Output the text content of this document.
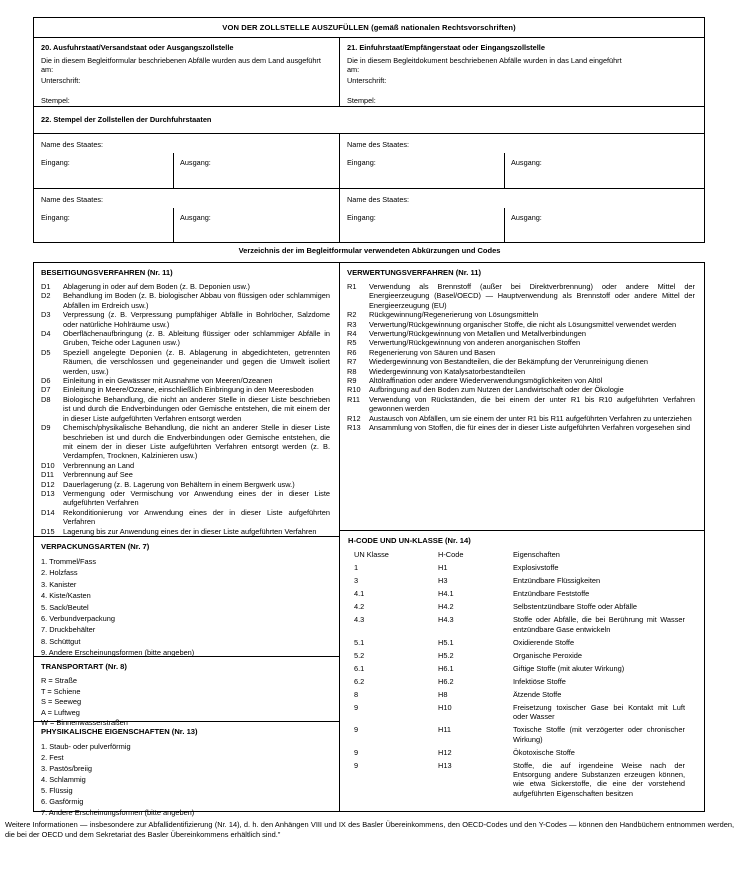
VON DER ZOLLSTELLE AUSZUFÜLLEN (gemäß nationalen Rechtsvorschriften)
20. Ausfuhrstaat/Versandstaat oder Ausgangszollstelle
Die in diesem Begleitformular beschriebenen Abfälle wurden aus dem Land ausgeführt am:
Unterschrift:
Stempel:
21. Einfuhrstaat/Empfängerstaat oder Eingangszollstelle
Die in diesem Begleitdokument beschriebenen Abfälle wurden in das Land eingeführt am:
Unterschrift:
Stempel:
22. Stempel der Zollstellen der Durchfuhrstaaten
Name des Staates:
Eingang:	Ausgang:
Name des Staates:
Eingang:	Ausgang:
Name des Staates:
Eingang:	Ausgang:
Name des Staates:
Eingang:	Ausgang:
Verzeichnis der im Begleitformular verwendeten Abkürzungen und Codes
BESEITIGUNGSVERFAHREN (Nr. 11)
D1	Ablagerung in oder auf dem Boden (z. B. Deponien usw.)
D2	Behandlung im Boden (z. B. biologischer Abbau von flüssigen oder schlammigen Abfällen im Erdreich usw.)
D3	Verpressung (z. B. Verpressung pumpfähiger Abfälle in Bohrlöcher, Salzdome oder natürliche Hohlräume usw.)
D4	Oberflächenaufbringung (z. B. Ableitung flüssiger oder schlammiger Abfälle in Gruben, Teiche oder Lagunen usw.)
D5	Speziell angelegte Deponien (z. B. Ablagerung in abgedichteten, getrennten Räumen, die verschlossen und gegeneinander und gegen die Umwelt isoliert werden, usw.)
D6	Einleitung in ein Gewässer mit Ausnahme von Meeren/Ozeanen
D7	Einleitung in Meere/Ozeane, einschließlich Einbringung in den Meeresboden
D8	Biologische Behandlung, die nicht an anderer Stelle in dieser Liste beschrieben ist und durch die Endverbindungen oder Gemische entstehen, die mit einem der in dieser Liste aufgeführten Verfahren entsorgt werden
D9	Chemisch/physikalische Behandlung, die nicht an anderer Stelle in dieser Liste beschrieben ist und durch die Endverbindungen oder Gemische entstehen, die mit einem der in dieser Liste aufgeführten Verfahren entsorgt werden (z. B. Verdampfen, Trocknen, Kalzinieren usw.)
D10	Verbrennung an Land
D11	Verbrennung auf See
D12	Dauerlagerung (z. B. Lagerung von Behältern in einem Bergwerk usw.)
D13	Vermengung oder Vermischung vor Anwendung eines der in dieser Liste aufgeführten Verfahren
D14	Rekonditionierung vor Anwendung eines der in dieser Liste aufgeführten Verfahren
D15	Lagerung bis zur Anwendung eines der in dieser Liste aufgeführten Verfahren
VERPACKUNGSARTEN (Nr. 7)
1. Trommel/Fass
2. Holzfass
3. Kanister
4. Kiste/Kasten
5. Sack/Beutel
6. Verbundverpackung
7. Druckbehälter
8. Schüttgut
9. Andere Erscheinungsformen (bitte angeben)
TRANSPORTART (Nr. 8)
R = Straße
T = Schiene
S = Seeweg
A = Luftweg
W = Binnenwasserstraßen
PHYSIKALISCHE EIGENSCHAFTEN (Nr. 13)
1. Staub- oder pulverförmig
2. Fest
3. Pastös/breiig
4. Schlammig
5. Flüssig
6. Gasförmig
7. Andere Erscheinungsformen (bitte angeben)
VERWERTUNGSVERFAHREN (Nr. 11)
R1	Verwendung als Brennstoff (außer bei Direktverbrennung) oder andere Mittel der Energieerzeugung (Basel/OECD) — Hauptverwendung als Brennstoff oder andere Mittel der Energieerzeugung (EU)
R2	Rückgewinnung/Regenerierung von Lösungsmitteln
R3	Verwertung/Rückgewinnung organischer Stoffe, die nicht als Lösungsmittel verwendet werden
R4	Verwertung/Rückgewinnung von Metallen und Metallverbindungen
R5	Verwertung/Rückgewinnung von anderen anorganischen Stoffen
R6	Regenerierung von Säuren und Basen
R7	Wiedergewinnung von Bestandteilen, die der Bekämpfung der Verunreinigung dienen
R8	Wiedergewinnung von Katalysatorbestandteilen
R9	Altölraffination oder andere Wiederverwendungsmöglichkeiten von Altöl
R10	Aufbringung auf den Boden zum Nutzen der Landwirtschaft oder der Ökologie
R11	Verwendung von Rückständen, die bei einem der unter R1 bis R10 aufgeführten Verfahren gewonnen werden
R12	Austausch von Abfällen, um sie einem der unter R1 bis R11 aufgeführten Verfahren zu unterziehen
R13	Ansammlung von Stoffen, die für eines der in dieser Liste aufgeführten Verfahren vorgesehen sind
H-CODE UND UN-KLASSE (Nr. 14)
UN Klasse	H-Code	Eigenschaften
1	H1	Explosivstoffe
3	H3	Entzündbare Flüssigkeiten
4.1	H4.1	Entzündbare Feststoffe
4.2	H4.2	Selbstentzündbare Stoffe oder Abfälle
4.3	H4.3	Stoffe oder Abfälle, die bei Berührung mit Wasser entzündbare Gase entwickeln
5.1	H5.1	Oxidierende Stoffe
5.2	H5.2	Organische Peroxide
6.1	H6.1	Giftige Stoffe (mit akuter Wirkung)
6.2	H6.2	Infektiöse Stoffe
8	H8	Ätzende Stoffe
9	H10	Freisetzung toxischer Gase bei Kontakt mit Luft oder Wasser
9	H11	Toxische Stoffe (mit verzögerter oder chronischer Wirkung)
9	H12	Ökotoxische Stoffe
9	H13	Stoffe, die auf irgendeine Weise nach der Entsorgung andere Substanzen erzeugen können, wie etwa Sickerstoffe, die eine der vorstehend aufgeführten Eigenschaften besitzen
Weitere Informationen — insbesondere zur Abfallidentifizierung (Nr. 14), d. h. den Anhängen VIII und IX des Basler Übereinkommens, den OECD-Codes und den Y-Codes — können den Handbüchern entnommen werden, die bei der OECD und dem Sekretariat des Basler Übereinkommens erhältlich sind."
